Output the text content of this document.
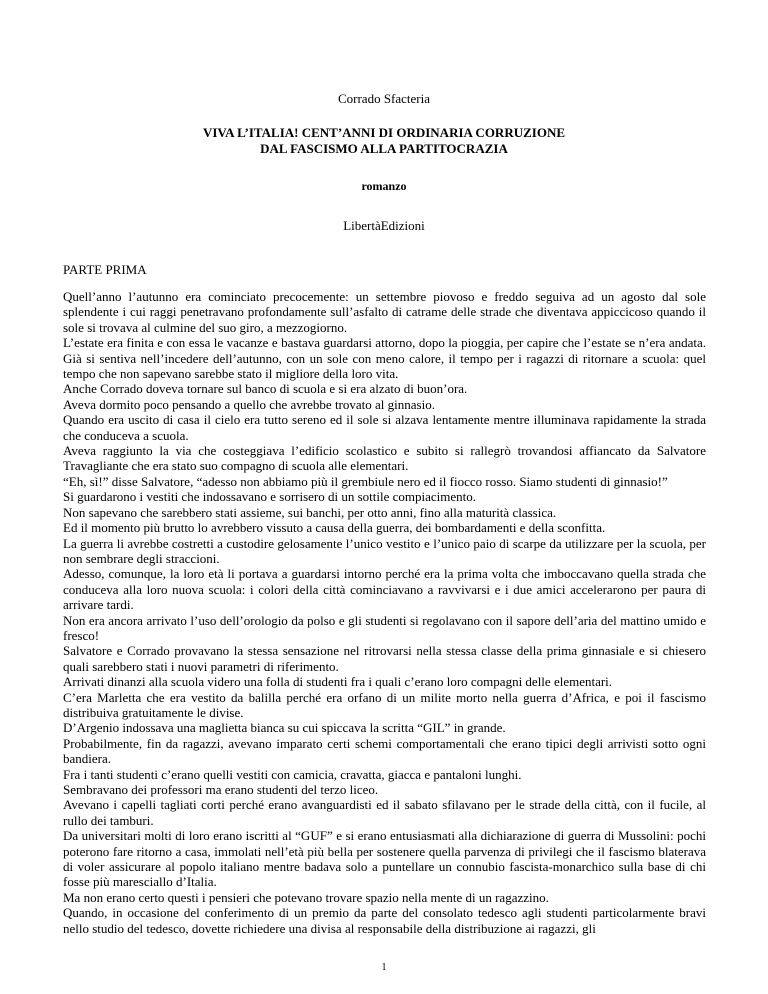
Corrado Sfacteria
VIVA L’ITALIA! CENT’ANNI DI ORDINARIA CORRUZIONE
DAL FASCISMO ALLA PARTITOCRAZIA
romanzo
LibertàEdizioni
PARTE PRIMA

Quell’anno l’autunno era cominciato precocemente: un settembre piovoso e freddo seguiva ad un agosto dal sole splendente i cui raggi penetravano profondamente sull’asfalto di catrame delle strade che diventava appiccicoso quando il sole si trovava al culmine del suo giro, a mezzogiorno.

L’estate era finita e con essa le vacanze e bastava guardarsi attorno, dopo la pioggia, per capire che l’estate se n’era andata. Già si sentiva nell’incedere dell’autunno, con un sole con meno calore, il tempo per i ragazzi di ritornare a scuola: quel tempo che non sapevano sarebbe stato il migliore della loro vita.

Anche Corrado doveva tornare sul banco di scuola e si era alzato di buon’ora.

Aveva dormito poco pensando a quello che avrebbe trovato al ginnasio.

Quando era uscito di casa il cielo era tutto sereno ed il sole si alzava lentamente mentre illuminava rapidamente la strada che conduceva a scuola.

Aveva raggiunto la via che costeggiava l’edificio scolastico e subito si rallegrò trovandosi affiancato da Salvatore Travagliante che era stato suo compagno di scuola alle elementari.

“Eh, sì!” disse Salvatore, “adesso non abbiamo più il grembiule nero ed il fiocco rosso. Siamo studenti di ginnasio!”

Si guardarono i vestiti che indossavano e sorrisero di un sottile compiacimento.

Non sapevano che sarebbero stati assieme, sui banchi, per otto anni, fino alla maturità classica.

Ed il momento più brutto lo avrebbero vissuto a causa della guerra, dei bombardamenti e della sconfitta.

La guerra li avrebbe costretti a custodire gelosamente l’unico vestito e l’unico paio di scarpe da utilizzare per la scuola, per non sembrare degli straccioni.

Adesso, comunque, la loro età li portava a guardarsi intorno perché era la prima volta che imboccavano quella strada che conduceva alla loro nuova scuola: i colori della città cominciavano a ravvivarsi e i due amici accelerarono per paura di arrivare tardi.

Non era ancora arrivato l’uso dell’orologio da polso e gli studenti si regolavano con il sapore dell’aria del mattino umido e fresco!

Salvatore e Corrado provavano la stessa sensazione nel ritrovarsi nella stessa classe della prima ginnasiale e si chiesero quali sarebbero stati i nuovi parametri di riferimento.

Arrivati dinanzi alla scuola videro una folla di studenti fra i quali c’erano loro compagni delle elementari.

C’era Marletta che era vestito da balilla perché era orfano di un milite morto nella guerra d’Africa, e poi il fascismo distribuiva gratuitamente le divise.

D’Argenio indossava una maglietta bianca su cui spiccava la scritta “GIL” in grande.

Probabilmente, fin da ragazzi, avevano imparato certi schemi comportamentali che erano tipici degli arrivisti sotto ogni bandiera.

Fra i tanti studenti c’erano quelli vestiti con camicia, cravatta, giacca e pantaloni lunghi.

Sembravano dei professori ma erano studenti del terzo liceo.

Avevano i capelli tagliati corti perché erano avanguardisti ed il sabato sfilavano per le strade della città, con il fucile, al rullo dei tamburi.

Da universitari molti di loro erano iscritti al “GUF” e si erano entusiasmati alla dichiarazione di guerra di Mussolini: pochi poterono fare ritorno a casa, immolati nell’età più bella per sostenere quella parvenza di privilegi che il fascismo blaterava di voler assicurare al popolo italiano mentre badava solo a puntellare un connubio fascista-monarchico sulla base di chi fosse più maresciallo d’Italia.

Ma non erano certo questi i pensieri che potevano trovare spazio nella mente di un ragazzino.

Quando, in occasione del conferimento di un premio da parte del consolato tedesco agli studenti particolarmente bravi nello studio del tedesco, dovette richiedere una divisa al responsabile della distribuzione ai ragazzi, gli

1
